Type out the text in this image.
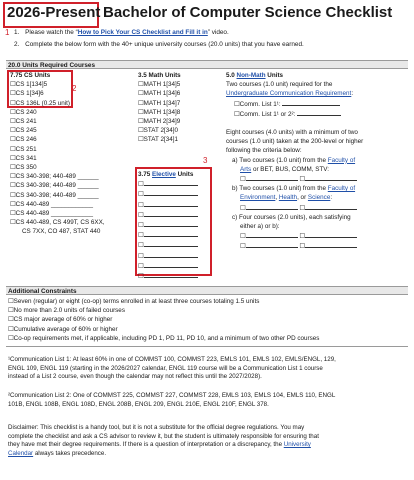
2026-Present Bachelor of Computer Science Checklist
1 1. Please watch the “How to Pick Your CS Checklist and Fill it in” video.
2. Complete the below form with the 40+ unique university courses (20.0 units) that you have earned.
20.0 Units Required Courses
2
7.75 CS Units
☐ CS 1[134]5
☐ CS 1[34]6
☐ CS 136L (0.25 unit)
☐ CS 240
☐ CS 241
☐ CS 245
☐ CS 246
☐ CS 251
☐ CS 341
☐ CS 350
☐ CS 340-398; 440-489 ______
☐ CS 340-398; 440-489 ______
☐ CS 340-398; 440-489 ______
☐ CS 440-489 ____________
☐ CS 440-489 ____________
☐ CS 440-489, CS 499T, CS 6XX,
CS 7XX, CO 487, STAT 440
3.5 Math Units
☐ MATH 1[34]5
☐ MATH 1[34]6
☐ MATH 1[34]7
☐ MATH 1[34]8
☐ MATH 2[34]9
☐ STAT 2[34]0
☐ STAT 2[34]1
3
3.75 Elective Units
☐
☐
☐
☐
☐
☐
☐
☐
☐
☐
5.0 Non-Math Units
Two courses (1.0 unit) required for the
Undergraduate Communication Requirement:
☐ Comm. List 1¹:
☐ Comm. List 1¹ or 2²:
Eight courses (4.0 units) with a minimum of two
courses (1.0 unit) taken at the 200-level or higher
following the criteria below:
a) Two courses (1.0 unit) from the Faculty of
Arts or BET, BUS, COMM, STV:
☐  ☐
b) Two courses (1.0 unit) from the Faculty of
Environment, Health, or Science:
☐  ☐
c) Four courses (2.0 units), each satisfying
either a) or b):
☐  ☐
☐  ☐
Additional Constraints
☐ Seven (regular) or eight (co-op) terms enrolled in at least three courses totaling 1.5 units
☐ No more than 2.0 units of failed courses
☐ CS major average of 60% or higher
☐ Cumulative average of 60% or higher
☐ Co-op requirements met, if applicable, including PD 1, PD 11, PD 10, and a minimum of two other PD courses
¹Communication List 1: At least 60% in one of COMMST 100, COMMST 223, EMLS 101, EMLS 102, EMLS/ENGL, 129,
ENGL 109, ENGL 119 (starting in the 2026/2027 calendar, ENGL 119 course will be a Communication List 1 course
instead of a List 2 course, even though the calendar may not reflect this until the 2027/2028).
²Communication List 2: One of COMMST 225, COMMST 227, COMMST 228, EMLS 103, EMLS 104, EMLS 110, ENGL
101B, ENGL 108B, ENGL 108D, ENGL 208B, ENGL 209, ENGL 210E, ENGL 210F, ENGL 378.
Disclaimer: This checklist is a handy tool, but it is not a substitute for the official degree regulations. You may
complete the checklist and ask a CS advisor to review it, but the student is ultimately responsible for ensuring that
they have met their degree requirements. If there is a question of interpretation or a discrepancy, the University
Calendar always takes precedence.
